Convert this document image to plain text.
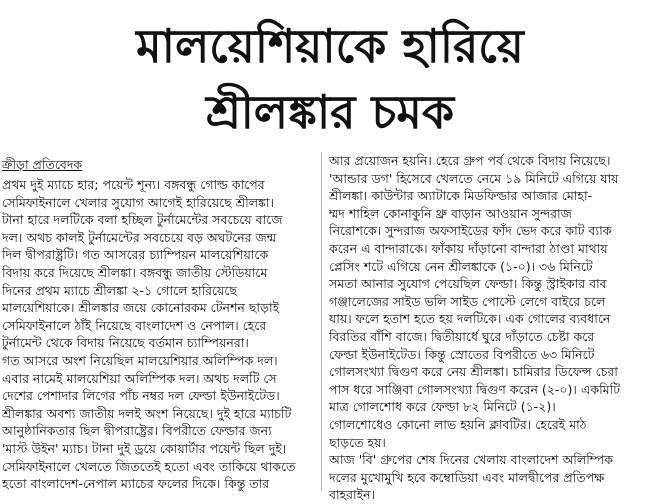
মালয়েশিয়াকে হারিয়ে
শ্রীলঙ্কার চমক
ক্রীড়া প্রতিবেদক

প্রথম দুই ম্যাচে হার; পয়েন্ট শূন্য। বঙ্গবন্ধু গোল্ড কাপের

সেমিফাইনালে খেলার সুযোগ আগেই হারিয়েছে শ্রীলঙ্কা।

টানা হারে দলটিকে বলা হচ্ছিল টুর্নামেন্টের সবচেয়ে বাজে

দল। অথচ কালই টুর্নামেন্টের সবচেয়ে বড় অঘটনের জন্ম

দিল দ্বীপরাষ্ট্রটি। গত আসরের চ্যাম্পিয়ন মালয়েশিয়াকে

বিদায় করে দিয়েছে শ্রীলঙ্কা। বঙ্গবন্ধু জাতীয় স্টেডিয়ামে

দিনের প্রথম ম্যাচে শ্রীলঙ্কা ২-১ গোলে হারিয়েছে

মালয়েশিয়াকে। শ্রীলঙ্কার জয়ে কোনোরকম টেনশন ছাড়াই

সেমিফাইনালে ঠাঁই নিয়েছে বাংলাদেশ ও নেপাল। হেরে

টুর্নামেন্ট থেকে বিদায় নিয়েছে বর্তমান চ্যাম্পিয়নরা।

গত আসরে অংশ নিয়েছিল মালয়েশিয়ার অলিম্পিক দল।

এবার নামেই মালয়েশিয়া অলিম্পিক দল। অথচ দলটি সে

দেশের পেশাদার লিগের পাঁচ নম্বর দল ফেল্ডা ইউনাইটেড।

শ্রীলঙ্কার অবশ্য জাতীয় দলই অংশ নিয়েছে। দুই হারে ম্যাচটি

আনুষ্ঠানিকতার ছিল দ্বীপরাষ্ট্রের। বিপরীতে ফেল্ডার জন্য

'মাস্ট উইন' ম্যাচ। টানা দুই ড্রয়ে কোয়ার্টার পয়েন্ট ছিল দুই।

সেমিফাইনালে খেলতে জিততেই হতো এবং তাকিয়ে থাকতে

হতো বাংলাদেশ-নেপাল ম্যাচের ফলের দিকে। কিন্তু তার

আর প্রয়োজন হয়নি। হেরে গ্রুপ পর্ব থেকে বিদায় নিয়েছে।

'আন্ডার ডগ' হিসেবে খেলতে নেমে ১৯ মিনিটে এগিয়ে যায়

শ্রীলঙ্কা। কাউন্টার অ্যাটাকে মিডফিল্ডার আজার মোহা-

ম্মদ শাহিল কোনাকুনি থ্রু বাড়ান আওয়ান সুন্দরাজ

নিরোশকে। সুন্দরাজ অফসাইডের ফাঁদ ভেদ করে কাট ব্যাক

করেন এ বান্দারাকে। ফাঁকায় দাঁড়ানো বান্দারা ঠাণ্ডা মাথায়

প্লেসিং শটে এগিয়ে নেন শ্রীলঙ্কাকে (১-০)। ৩৬ মিনিটে

সমতা আনার সুযোগ পেয়েছিল ফেল্ডা। কিন্তু স্ট্রাইকার বাব

গঞ্জালেজের সাইড ভলি সাইড পোস্টে লেগে বাইরে চলে

যায়। ফলে হতাশ হতে হয় দলটিকে। এক গোলের ব্যবধানে

বিরতির বাঁশি বাজে। দ্বিতীয়ার্ধে ঘুরে দাঁড়াতে চেষ্টা করে

ফেল্ডা ইউনাইটেড। কিন্তু স্রোতের বিপরীতে ৬৩ মিনিটে

গোলসংখ্যা দ্বিগুণ করে নেয় শ্রীলঙ্কা। চামিরার ডিফেন্স চেরা

পাস ধরে সাঞ্জিবা গোলসংখ্যা দ্বিগুণ করেন (২-০)। একমিটি

মাত্র গোলশোধ করে ফেল্ডা ৮২ মিনিটে (১-২)।

গোলশোধেও কোনো লাভ হয়নি ক্লাবটির। হেরেই মাঠ

ছাড়তে হয়।

আজ 'বি' গ্রুপের শেষ দিনের খেলায় বাংলাদেশ অলিম্পিক

দলের মুখোমুখি হবে কম্বোডিয়া এবং মালদ্বীপের প্রতিপক্ষ

বাহরাইন।
